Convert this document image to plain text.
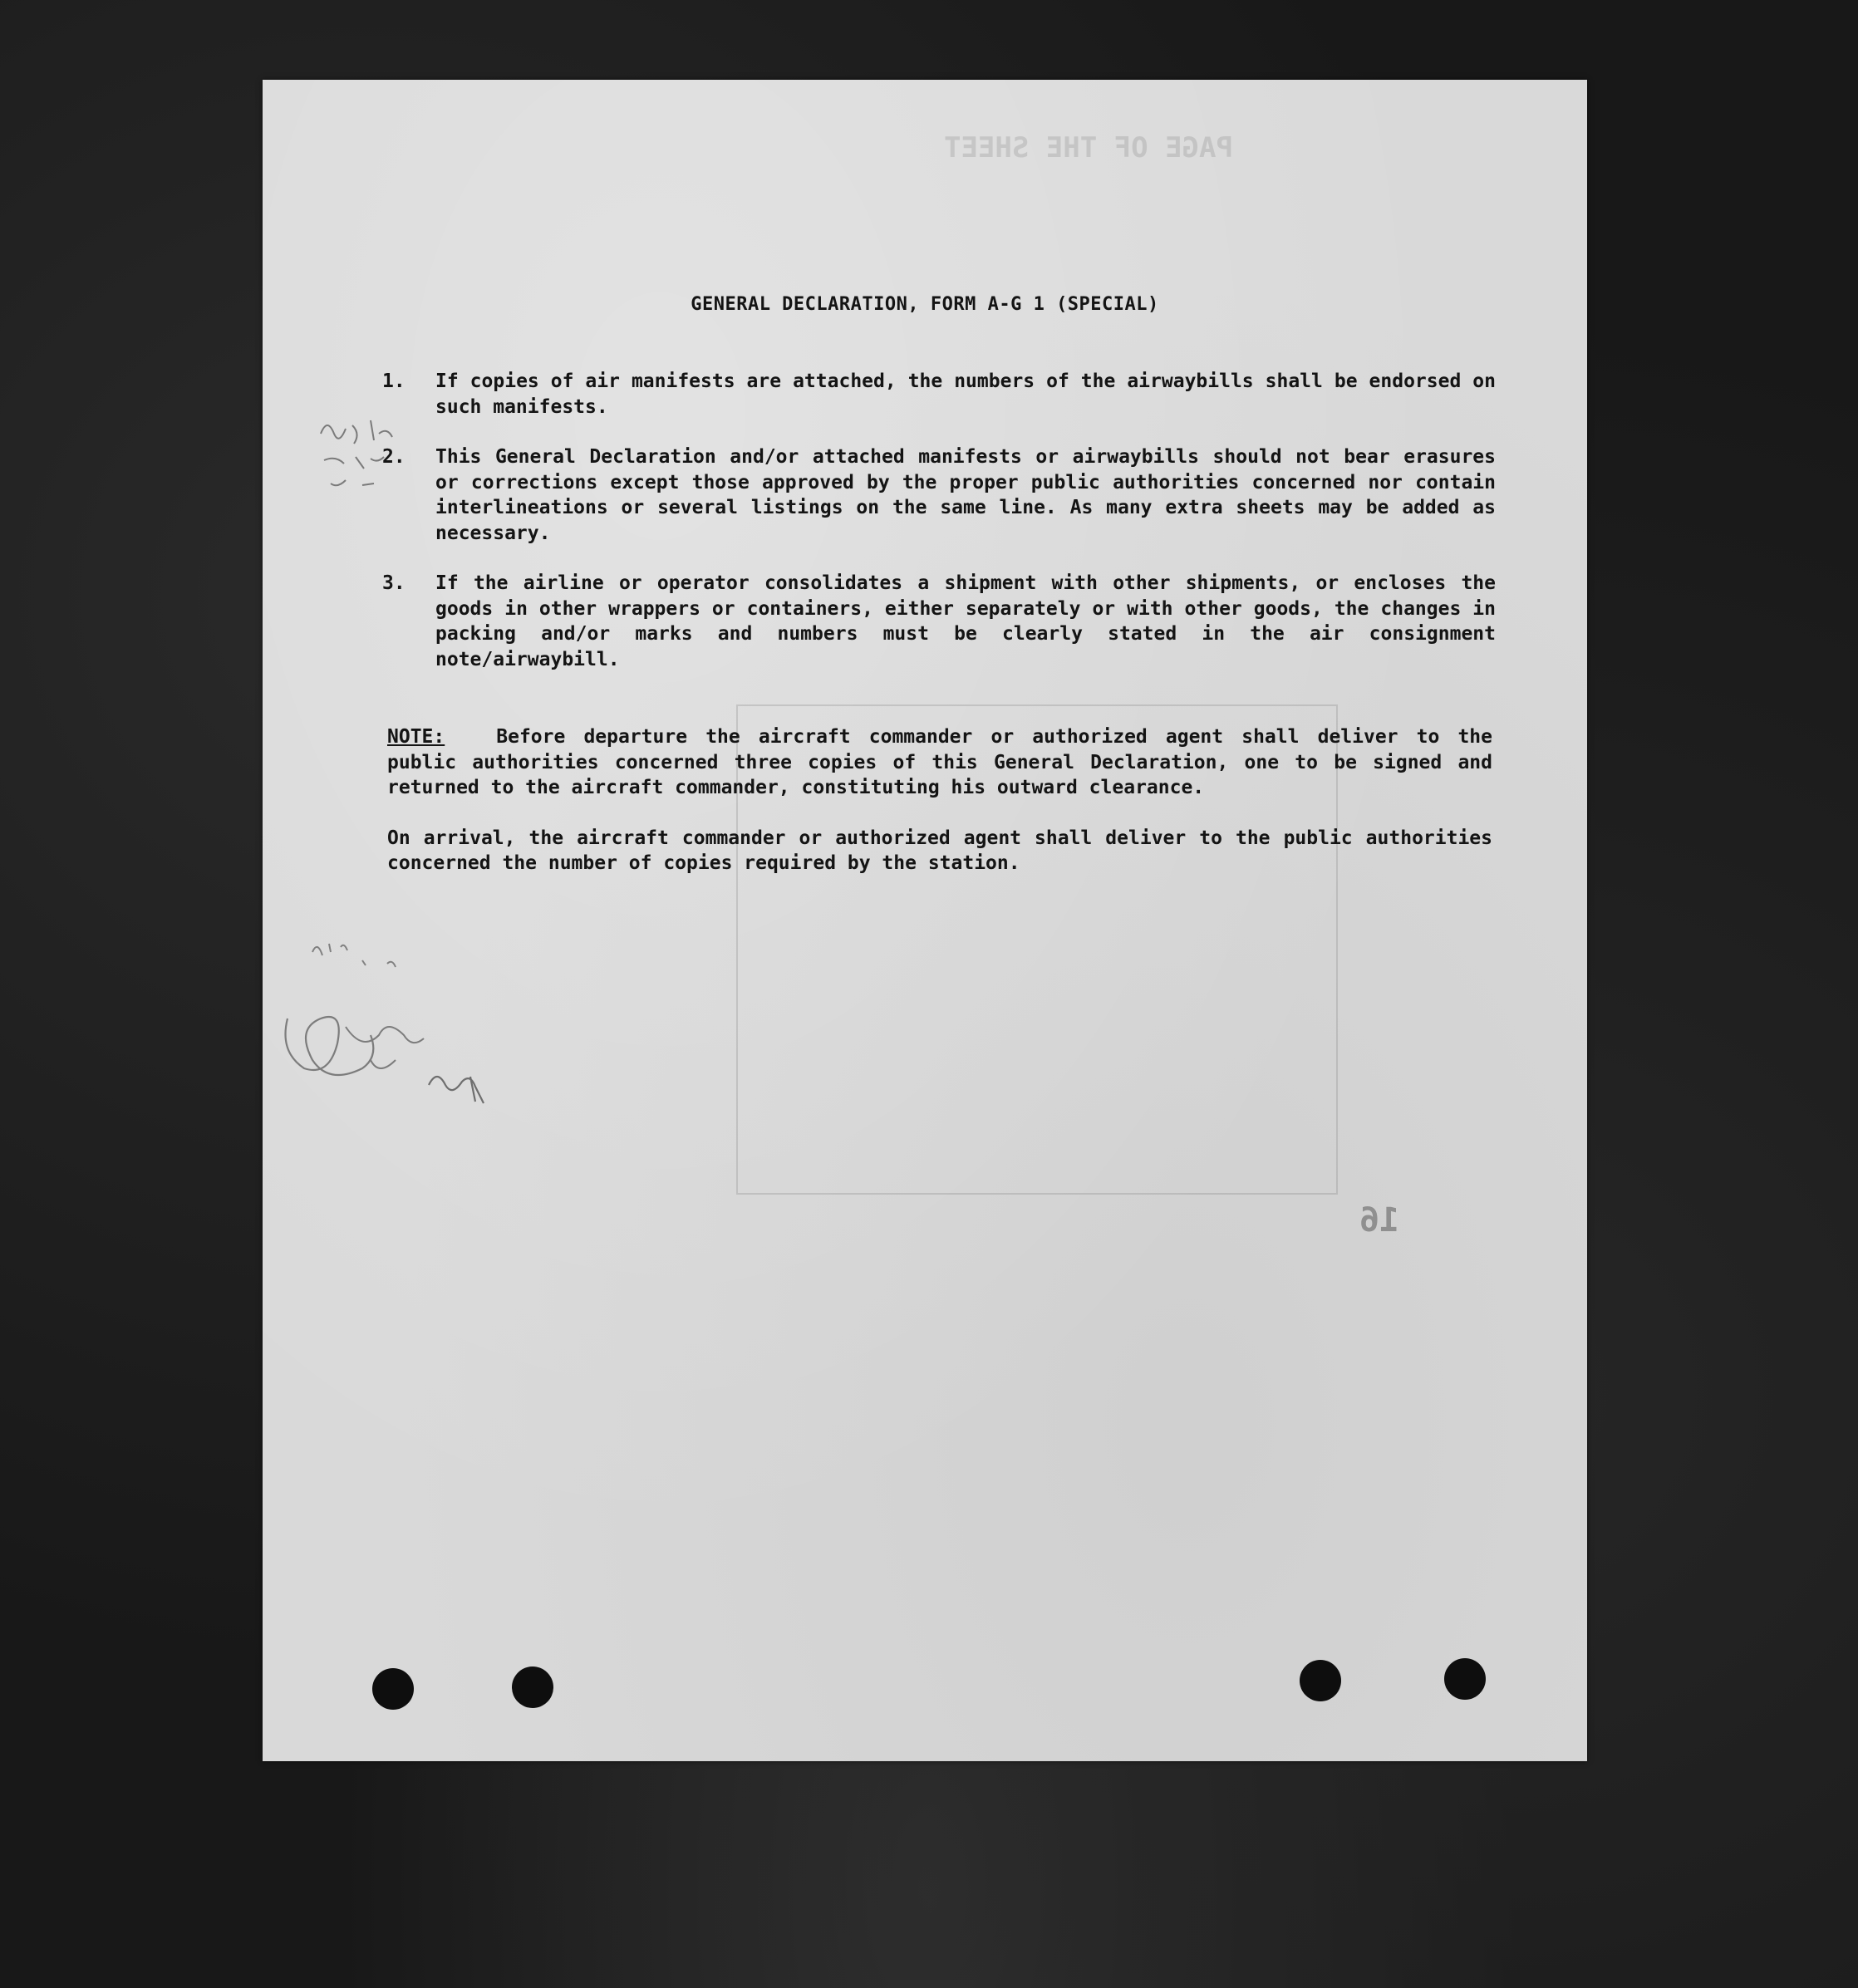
PAGE OF THE SHEET
16
GENERAL DECLARATION, FORM A-G 1 (SPECIAL)
1.	If copies of air manifests are attached, the numbers of the airwaybills shall be endorsed on such manifests.
2.	This General Declaration and/or attached manifests or airwaybills should not bear erasures or corrections except those approved by the proper public authorities concerned nor contain interlineations or several listings on the same line. As many extra sheets may be added as necessary.
3.	If the airline or operator consolidates a shipment with other shipments, or encloses the goods in other wrappers or containers, either separately or with other goods, the changes in packing and/or marks and numbers must be clearly stated in the air consignment note/airwaybill.

NOTE:	Before departure the aircraft commander or authorized agent shall deliver to the public authorities concerned three copies of this General Declaration, one to be signed and returned to the aircraft commander, constituting his outward clearance.

On arrival, the aircraft commander or authorized agent shall deliver to the public authorities concerned the number of copies required by the station.
